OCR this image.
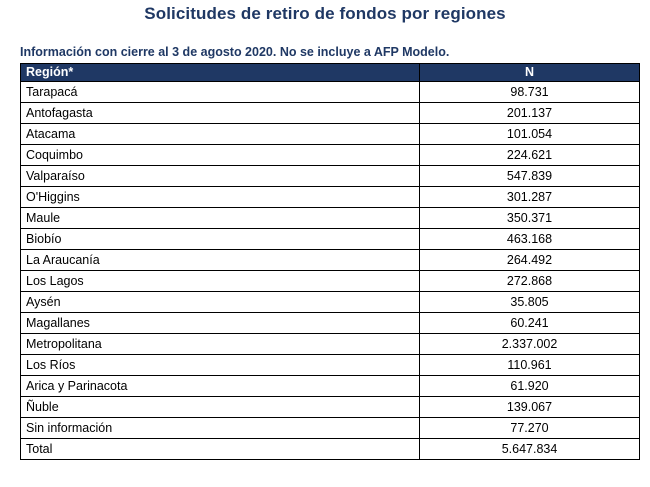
Solicitudes de retiro de fondos por regiones
Información con cierre al 3 de agosto 2020. No se incluye a AFP Modelo.
Región*	N
Tarapacá	98.731
Antofagasta	201.137
Atacama	101.054
Coquimbo	224.621
Valparaíso	547.839
O'Higgins	301.287
Maule	350.371
Biobío	463.168
La Araucanía	264.492
Los Lagos	272.868
Aysén	35.805
Magallanes	60.241
Metropolitana	2.337.002
Los Ríos	110.961
Arica y Parinacota	61.920
Ñuble	139.067
Sin información	77.270
Total	5.647.834
